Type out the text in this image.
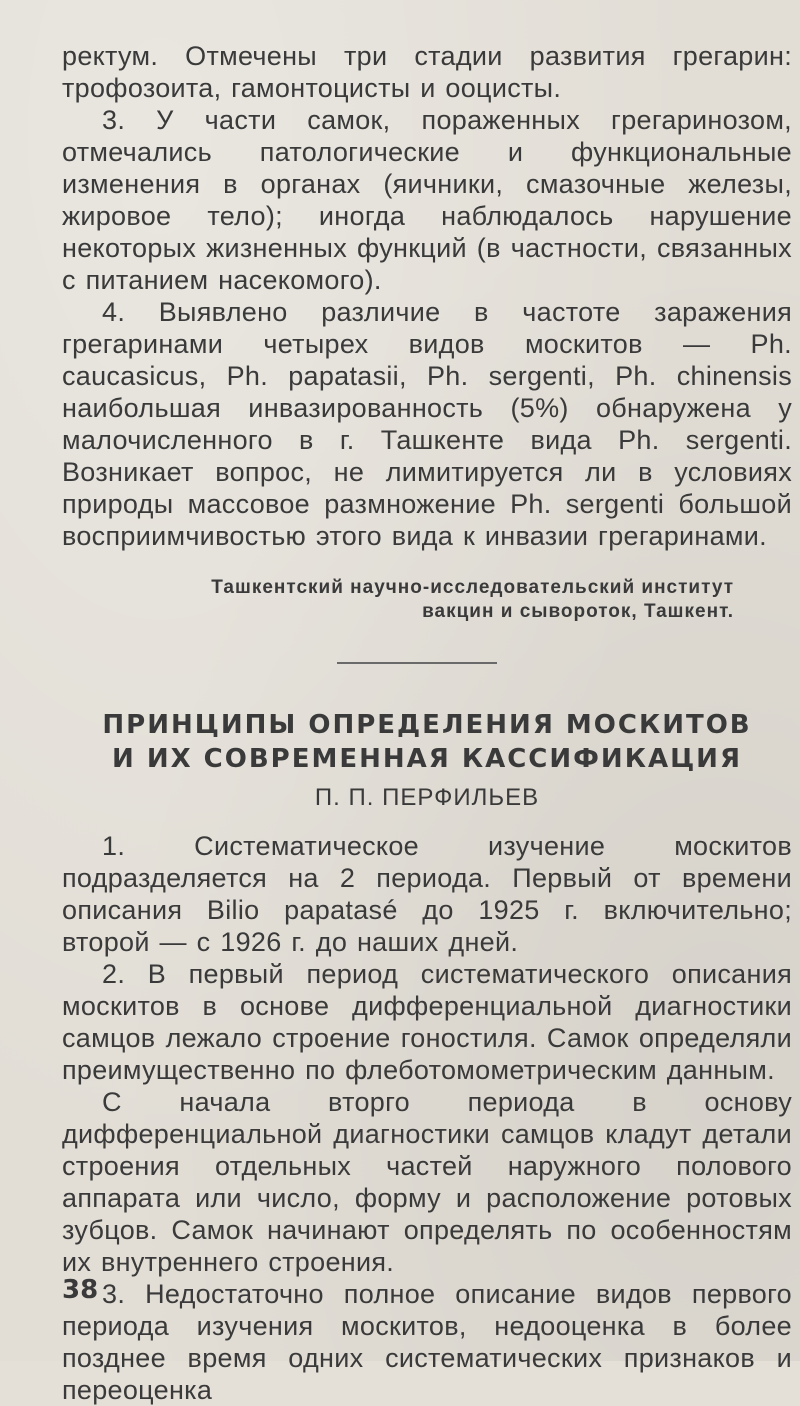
ректум. Отмечены три стадии развития грегарин: трофозоита, гамонтоцисты и ооцисты.

3. У части самок, пораженных грегаринозом, отмечались патологические и функциональные изменения в органах (яичники, смазочные железы, жировое тело); иногда наблюдалось нарушение некоторых жизненных функций (в частности, связанных с питанием насекомого).

4. Выявлено различие в частоте заражения грегаринами четырех видов москитов — Ph. caucasicus, Ph. papatasii, Ph. sergenti, Ph. chinensis наибольшая инвазированность (5%) обнаружена у малочисленного в г. Ташкенте вида Ph. sergenti. Возникает вопрос, не лимитируется ли в условиях природы массовое размножение Ph. sergenti большой восприимчивостью этого вида к инвазии грегаринами.

Ташкентский научно-исследовательский институт
вакцин и сывороток, Ташкент.
ПРИНЦИПЫ ОПРЕДЕЛЕНИЯ МОСКИТОВ
И ИХ СОВРЕМЕННАЯ КАССИФИКАЦИЯ
П. П. ПЕРФИЛЬЕВ

1. Систематическое изучение москитов подразделяется на 2 периода. Первый от времени описания Bilio papatasé до 1925 г. включительно; второй — с 1926 г. до наших дней.

2. В первый период систематического описания москитов в основе дифференциальной диагностики самцов лежало строение гоностиля. Самок определяли преимущественно по флеботомометрическим данным.

С начала вторго периода в основу дифференциальной диагностики самцов кладут детали строения отдельных частей наружного полового аппарата или число, форму и расположение ротовых зубцов. Самок начинают определять по особенностям их внутреннего строения.

3. Недостаточно полное описание видов первого периода изучения москитов, недооценка в более позднее время одних систематических признаков и переоценка

38
